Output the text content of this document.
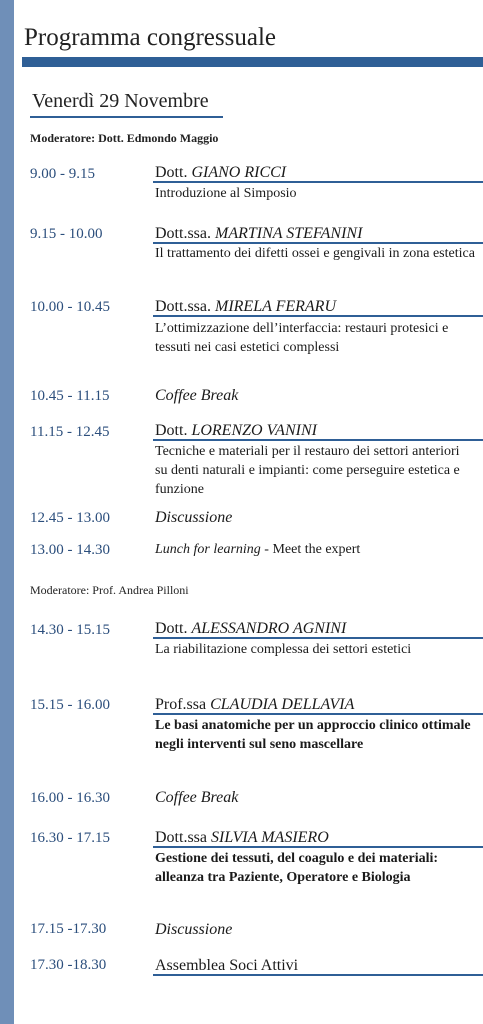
Programma congressuale
Venerdì 29 Novembre
Moderatore: Dott. Edmondo Maggio
9.00 - 9.15	Dott. GIANO RICCI
Introduzione al Simposio
9.15 - 10.00	Dott.ssa. MARTINA STEFANINI
Il trattamento dei difetti ossei e gengivali in zona estetica
10.00 - 10.45	Dott.ssa. MIRELA FERARU
L’ottimizzazione dell’interfaccia: restauri protesici e tessuti nei casi estetici complessi
10.45 - 11.15	Coffee Break
11.15 - 12.45	Dott. LORENZO VANINI
Tecniche e materiali per il restauro dei settori anteriori su denti naturali e impianti: come perseguire estetica e funzione
12.45 - 13.00	Discussione
13.00 - 14.30	Lunch for learning - Meet the expert
Moderatore: Prof. Andrea Pilloni
14.30 - 15.15	Dott. ALESSANDRO AGNINI
La riabilitazione complessa dei settori estetici
15.15 - 16.00	Prof.ssa CLAUDIA DELLAVIA
Le basi anatomiche per un approccio clinico ottimale negli interventi sul seno mascellare
16.00 - 16.30	Coffee Break
16.30 - 17.15	Dott.ssa SILVIA MASIERO
Gestione dei tessuti, del coagulo e dei materiali: alleanza tra Paziente, Operatore e Biologia
17.15 -17.30	Discussione
17.30 -18.30	Assemblea Soci Attivi
